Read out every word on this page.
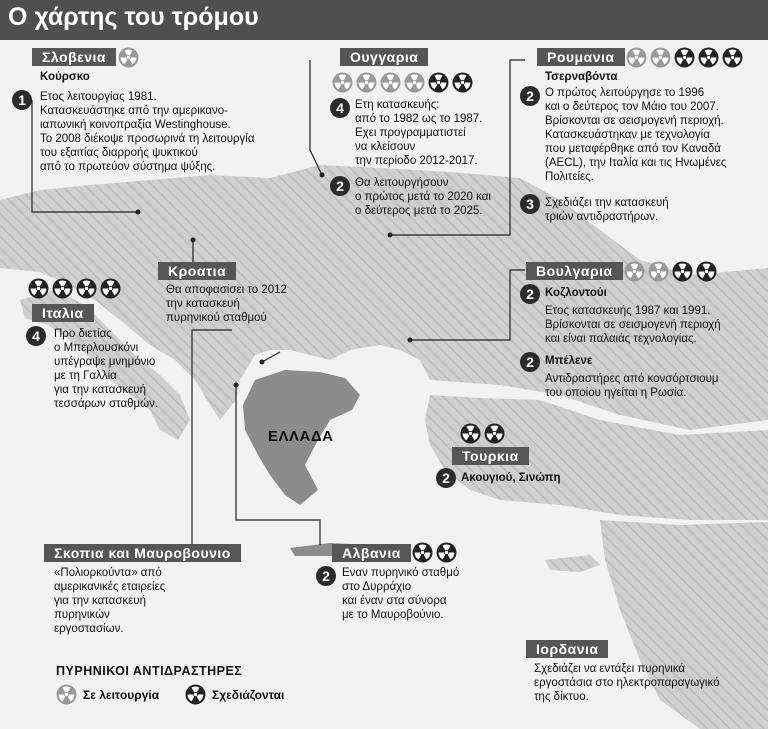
Ο χάρτης του τρόμου
ΕΛΛΑΔΑ
Σλοβενια
Κούρσκο
1	Ετος λειτουργίας 1981.
Κατασκευάστηκε από την αμερικανο-
ιαπωνική κοινοπραξία Westinghouse.
Το 2008 διέκοψε προσωρινά τη λειτουργία
του εξαιτίας διαρροής ψυκτικού
από το πρωτεύον σύστημα ψύξης.
Ουγγαρια
4 Ετη κατασκευής:
από το 1982 ως το 1987.
Εχει προγραμματιστεί
να κλείσουν
την περίοδο 2012-2017.
2 Θα λειτουργήσουν
ο πρώτος μετά το 2020 και
ο δεύτερος μετά το 2025.
Ρουμανια
Τσερναβόντα
2 Ο πρώτος λειτούργησε το 1996
και ο δεύτερος τον Μάιο του 2007.
Βρίσκονται σε σεισμογενή περιοχή.
Κατασκευάστηκαν με τεχνολογία
που μεταφέρθηκε από τον Καναδά
(AECL), την Ιταλία και τις Ηνωμένες
Πολιτείες.
3 Σχεδιάζει την κατασκευή
τριών αντιδραστήρων.
Κροατια
Θα αποφασίσει το 2012
την κατασκευή
πυρηνικού σταθμού
Ιταλια
4	Προ διετίας
ο Μπερλουσκόνι
υπέγραψε μνημόνιο
με τη Γαλλία
για την κατασκευή
τεσσάρων σταθμών.
Βουλγαρια
2 Κοζλοντούι
Ετος κατασκευής 1987 και 1991.
Βρίσκονται σε σεισμογενή περιοχή
και είναι παλαιάς τεχνολογίας.
2 Μπέλενε
Αντιδραστήρες από κονσόρτσιουμ
του οποίου ηγείται η Ρωσία.
Τουρκια
2 Ακουγιού, Σινώπη
Σκοπια και Μαυροβουνιο
«Πολιορκούντα» από
αμερικανικές εταιρείες
για την κατασκευή
πυρηνικών
εργοστασίων.
Αλβανια
2	Εναν πυρηνικό σταθμό
στο Δυρράχιο
και έναν στα σύνορα
με το Μαυροβούνιο.
Ιορδανια
Σχεδιάζει να εντάξει πυρηνικά
εργοστάσια στο ηλεκτροπαραγωγικό
της δίκτυο.
ΠΥΡΗΝΙΚΟΙ ΑΝΤΙΔΡΑΣΤΗΡΕΣ
Σε λειτουργία	Σχεδιάζονται
